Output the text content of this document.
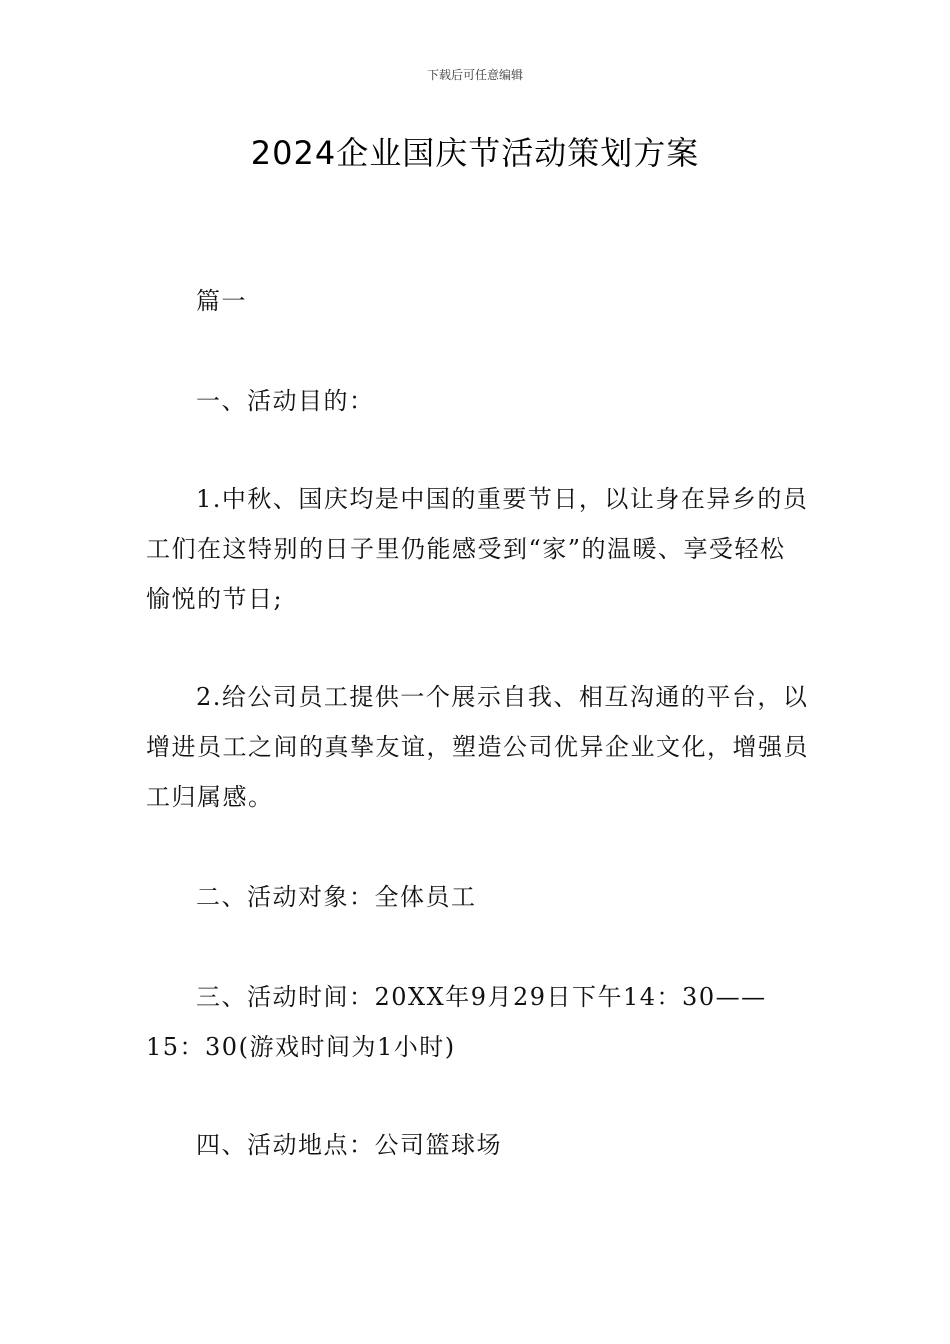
下载后可任意编辑
2024企业国庆节活动策划方案

篇一

一、活动目的：

1.中秋、国庆均是中国的重要节日，以让身在异乡的员工们在这特别的日子里仍能感受到“家”的温暖、享受轻松愉悦的节日;

2.给公司员工提供一个展示自我、相互沟通的平台，以增进员工之间的真挚友谊，塑造公司优异企业文化，增强员工归属感。

二、活动对象：全体员工

三、活动时间：20XX年9月29日下午14：30——15：30(游戏时间为1小时)

四、活动地点：公司篮球场
